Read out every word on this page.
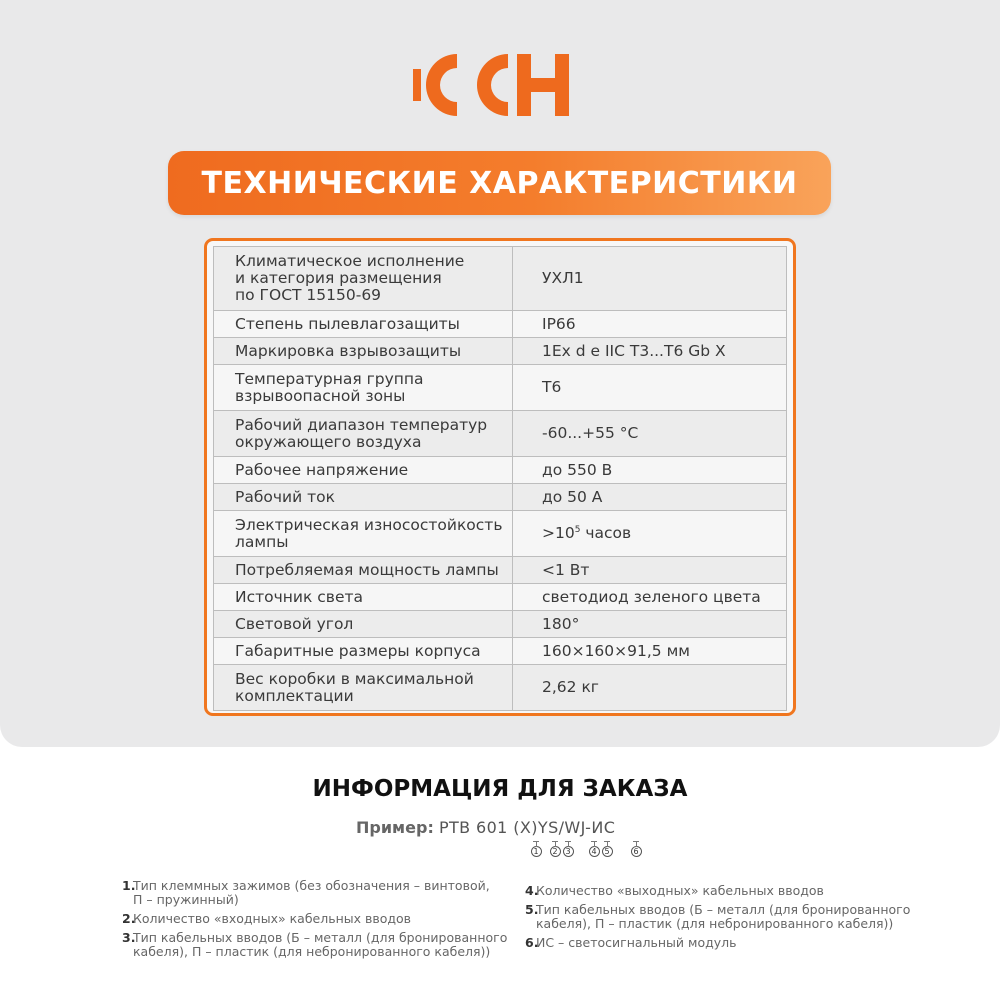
ТЕХНИЧЕСКИЕ ХАРАКТЕРИСТИКИ
Климатическое исполнение
и категория размещения
по ГОСТ 15150-69	УХЛ1
Степень пылевлагозащиты	IP66
Маркировка взрывозащиты	1Ex d e IIC T3...T6 Gb X
Температурная группа
взрывоопасной зоны	T6
Рабочий диапазон температур
окружающего воздуха	-60...+55 °С
Рабочее напряжение	до 550 В
Рабочий ток	до 50 А
Электрическая износостойкость
лампы	$>10^5$ часов
Потребляемая мощность лампы	<1 Вт
Источник света	светодиод зеленого цвета
Световой угол	180°
Габаритные размеры корпуса	160×160×91,5 мм
Вес коробки в максимальной
комплектации	2,62 кг
ИНФОРМАЦИЯ ДЛЯ ЗАКАЗА
Пример: РТВ 601 (X)YS/WJ-ИС
1	2 3	4 5	6
1.
Тип клеммных зажимов (без обозначения – винтовой,
П – пружинный)
2.
Количество «входных» кабельных вводов
3.
Тип кабельных вводов (Б – металл (для бронированного
кабеля), П – пластик (для небронированного кабеля))
4.
Количество «выходных» кабельных вводов
5.
Тип кабельных вводов (Б – металл (для бронированного
кабеля), П – пластик (для небронированного кабеля))
6.
ИС – светосигнальный модуль
